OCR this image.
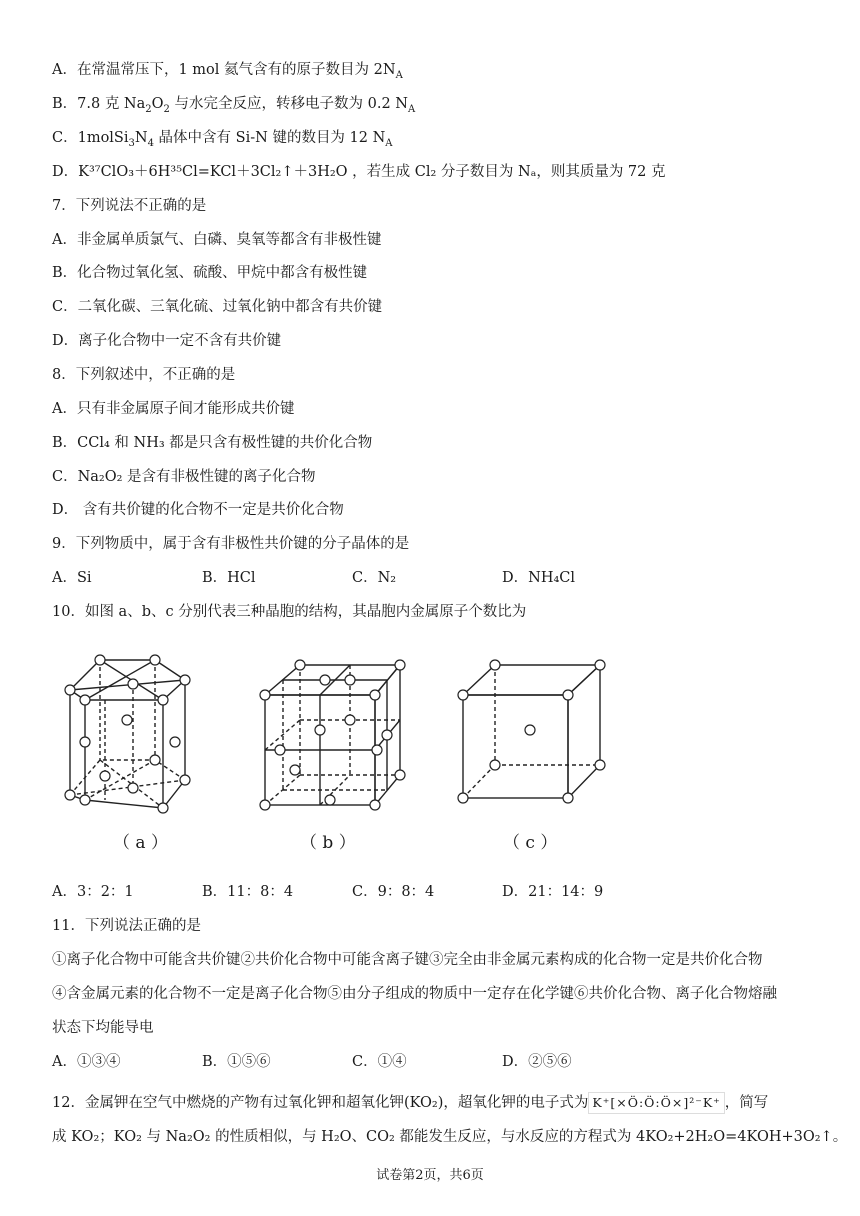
A．在常温常压下，1 mol 氦气含有的原子数目为 $2N_A$
B．7.8 克 $Na_2O_2$ 与水完全反应，转移电子数为 0.2 $N_A$
C．$1molSi_3N_4$ 晶体中含有 Si-N 键的数目为 12 $N_A$
D．K³⁷ClO₃＋6H³⁵Cl=KCl＋3Cl₂↑＋3H₂O ，若生成 Cl₂ 分子数目为 Nₐ，则其质量为 72 克
7．下列说法不正确的是
A．非金属单质氯气、白磷、臭氧等都含有非极性键
B．化合物过氧化氢、硫酸、甲烷中都含有极性键
C．二氧化碳、三氧化硫、过氧化钠中都含有共价键
D．离子化合物中一定不含有共价键
8．下列叙述中，不正确的是
A．只有非金属原子间才能形成共价键
B．CCl₄ 和 NH₃ 都是只含有极性键的共价化合物
C．Na₂O₂ 是含有非极性键的离子化合物
D． 含有共价键的化合物不一定是共价化合物
9．下列物质中，属于含有非极性共价键的分子晶体的是
A．Si	B．HCl	C．N₂	D．NH₄Cl
10．如图 a、b、c 分别代表三种晶胞的结构，其晶胞内金属原子个数比为
（ a ）	（ b ）	（ c ）
A．3：2：1	B．11：8：4	C．9：8：4	D．21：14：9
11．下列说法正确的是
①离子化合物中可能含共价键②共价化合物中可能含离子键③完全由非金属元素构成的化合物一定是共价化合物
④含金属元素的化合物不一定是离子化合物⑤由分子组成的物质中一定存在化学键⑥共价化合物、离子化合物熔融
状态下均能导电
A．①③④	B．①⑤⑥	C．①④	D．②⑤⑥
12．金属钾在空气中燃烧的产物有过氧化钾和超氧化钾(KO₂)，超氧化钾的电子式为 K⁺[×Ö:Ö:Ö×]²⁻K⁺ ，简写
成 KO₂；KO₂ 与 Na₂O₂ 的性质相似，与 H₂O、CO₂ 都能发生反应，与水反应的方程式为 4KO₂+2H₂O=4KOH+3O₂↑。
试卷第2页，共6页
